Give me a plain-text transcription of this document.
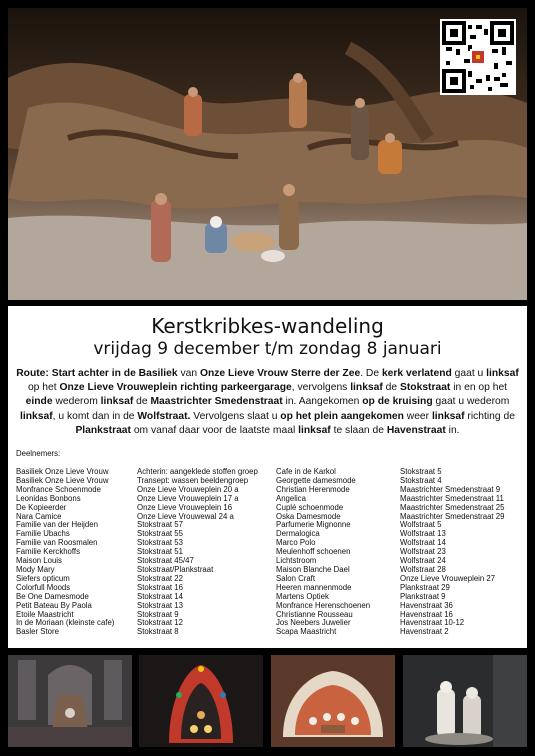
Kerstkribkes-wandeling
vrijdag 9 december t/m zondag 8 januari
Route: Start achter in de Basiliek van Onze Lieve Vrouw Sterre der Zee. De kerk verlatend gaat u linksaf op het Onze Lieve Vrouweplein richting parkeergarage, vervolgens linksaf de Stokstraat in en op het einde wederom linksaf de Maastrichter Smedenstraat in. Aangekomen op de kruising gaat u wederom linksaf, u komt dan in de Wolfstraat. Vervolgens slaat u op het plein aangekomen weer linksaf richting de Plankstraat om vanaf daar voor de laatste maal linksaf te slaan de Havenstraat in.
Deelnemers:
Basiliek Onze Lieve Vrouw
Basiliek Onze Lieve Vrouw
Monfrance Schoenmode
Leonidas Bonbons
De Kopieerder
Nara Camice
Familie van der Heijden
Familie Ubachs
Familie van Roosmalen
Familie Kerckhoffs
Maison Louis
Mody Mary
Siefers opticum
Colorfull Moods
Be One Damesmode
Petit Bateau By Paola
Etoile Maastricht
In de Moriaan (kleinste cafe)
Basler Store
Achterin: aangeklede stoffen groep
Transept: wassen beeldengroep
Onze Lieve Vrouweplein 20 a
Onze Lieve Vrouweplein 17 a
Onze Lieve Vrouweplein 16
Onze Lieve Vrouwewal 24 a
Stokstraat 57
Stokstraat 55
Stokstraat 53
Stokstraat 51
Stokstraat 45/47
Stokstraat/Plankstraat
Stokstraat 22
Stokstraat 16
Stokstraat 14
Stokstraat 13
Stokstraat 9
Stokstraat 12
Stokstraat 8
Cafe in de Karkol
Georgette damesmode
Christian Herenmode
Angelica
Cuplé schoenmode
Oska Damesmode
Parfumerie Mignonne
Dermalogica
Marco Polo
Meulenhoff schoenen
Lichtstroom
Maison Blanche Dael
Salon Craft
Heeren mannenmode
Martens Optiek
Monfrance Herenschoenen
Christianne Rousseau
Jos Neebers Juwelier
Scapa Maastricht
Stokstraat 5
Stokstraat 4
Maastrichter Smedenstraat 9
Maastrichter Smedenstraat 11
Maastrichter Smedenstraat 25
Maastrichter Smedenstraat 29
Wolfstraat 5
Wolfstraat 13
Wolfstraat 14
Wolfstraat 23
Wolfstraat 24
Wolfstraat 28
Onze Lieve Vrouweplein 27
Plankstraat 29
Plankstraat 9
Havenstraat 36
Havenstraat 16
Havenstraat 10-12
Havenstraat 2
